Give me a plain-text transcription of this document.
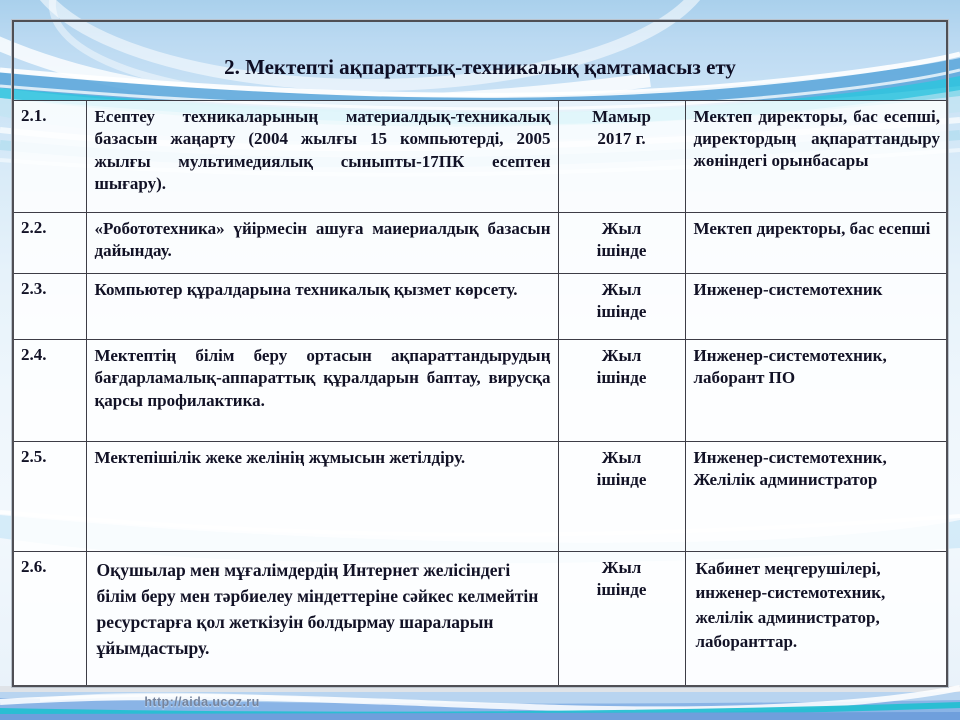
2. Мектепті ақпараттық-техникалық қамтамасыз ету			
2.1.	Есептеу техникаларының материалдық-техникалық базасын жаңарту (2004 жылғы 15 компьютерді, 2005 жылғы мультимедиялық сыныпты-17ПК есептен шығару).	Мамыр 2017 г.	Мектеп директоры, бас есепші, директордың ақпараттандыру жөніндегі орынбасары
2.2.	«Робототехника» үйірмесін ашуға маиериалдық базасын дайындау.	Жыл ішінде	Мектеп директоры, бас есепші
2.3.	Компьютер құралдарына техникалық қызмет көрсету.	Жыл ішінде	Инженер-системотехник
2.4.	Мектептің білім беру ортасын ақпараттандырудың бағдарламалық-аппараттық құралдарын баптау, вирусқа қарсы профилактика.	Жыл ішінде	Инженер-системотехник, лаборант ПО
2.5.	Мектепішілік жеке желінің жұмысын жетілдіру.	Жыл ішінде	Инженер-системотехник, Желілік администратор
2.6.	Оқушылар мен мұғалімдердің Интернет желісіндегі білім беру мен тәрбиелеу міндеттеріне сәйкес келмейтін ресурстарға қол жеткізуін болдырмау шараларын ұйымдастыру.	Жыл ішінде	Кабинет меңгерушілері, инженер-системотехник, желілік администратор, лаборанттар.
http://aida.ucoz.ru
